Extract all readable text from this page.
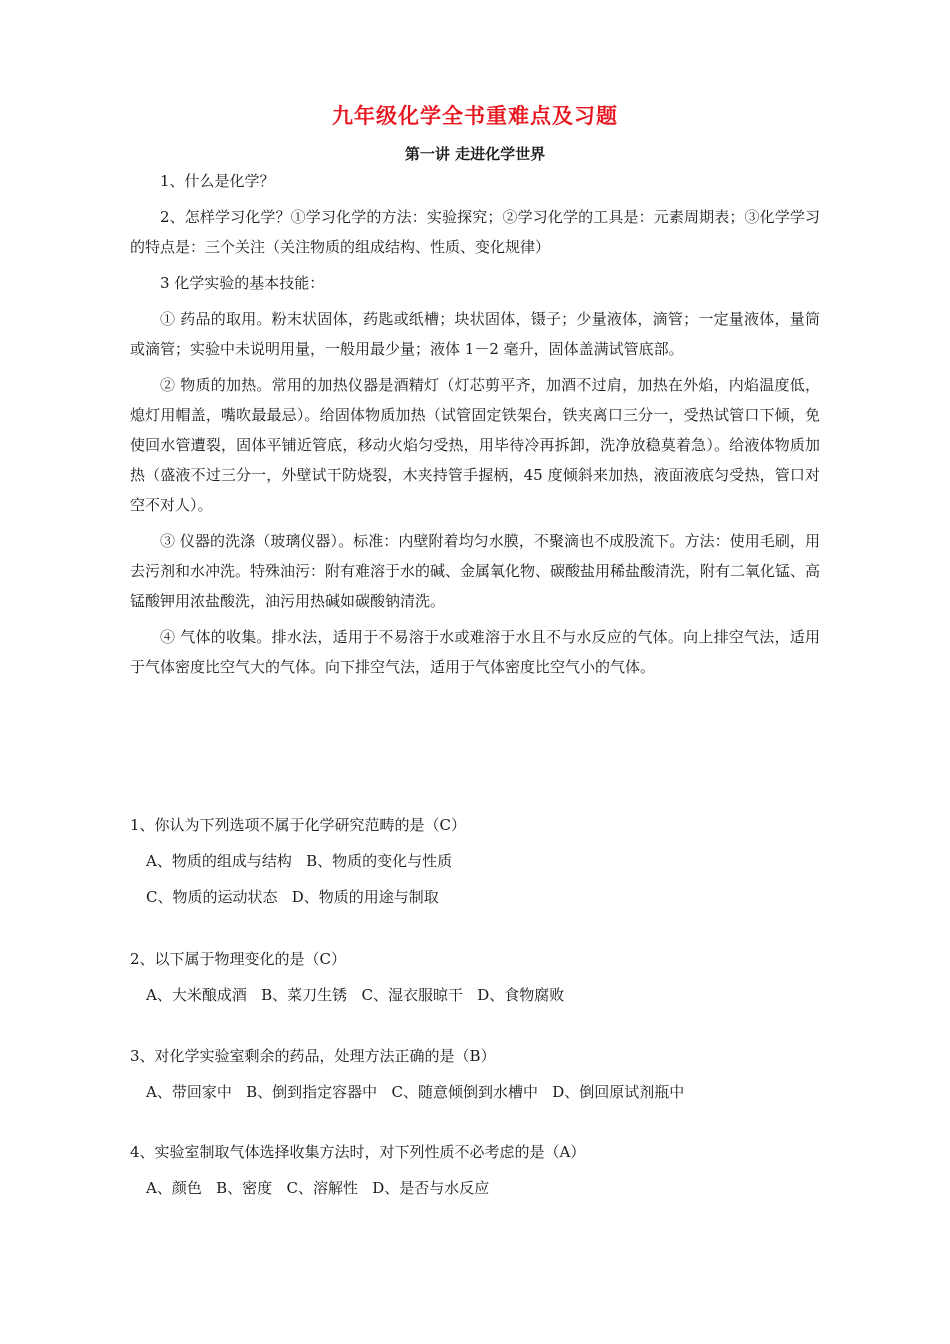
九年级化学全书重难点及习题
第一讲 走进化学世界

1、什么是化学？

2、怎样学习化学？①学习化学的方法：实验探究；②学习化学的工具是：元素周期表；③化学学习的特点是：三个关注（关注物质的组成结构、性质、变化规律）

3 化学实验的基本技能：

① 药品的取用。粉末状固体，药匙或纸槽；块状固体，镊子；少量液体，滴管；一定量液体，量筒或滴管；实验中未说明用量，一般用最少量；液体 1－2 毫升，固体盖满试管底部。

② 物质的加热。常用的加热仪器是酒精灯（灯芯剪平齐，加酒不过肩，加热在外焰，内焰温度低，熄灯用帽盖，嘴吹最最忌）。给固体物质加热（试管固定铁架台，铁夹离口三分一，受热试管口下倾，免使回水管遭裂，固体平铺近管底，移动火焰匀受热，用毕待冷再拆卸，洗净放稳莫着急）。给液体物质加热（盛液不过三分一，外壁试干防烧裂，木夹持管手握柄，45 度倾斜来加热，液面液底匀受热，管口对空不对人）。

③ 仪器的洗涤（玻璃仪器）。标准：内壁附着均匀水膜，不聚滴也不成股流下。方法：使用毛刷，用去污剂和水冲洗。特殊油污：附有难溶于水的碱、金属氧化物、碳酸盐用稀盐酸清洗，附有二氧化锰、高锰酸钾用浓盐酸洗，油污用热碱如碳酸钠清洗。

④ 气体的收集。排水法，适用于不易溶于水或难溶于水且不与水反应的气体。向上排空气法，适用于气体密度比空气大的气体。向下排空气法，适用于气体密度比空气小的气体。

1、你认为下列选项不属于化学研究范畴的是（C）

A、物质的组成与结构   B、物质的变化与性质

C、物质的运动状态   D、物质的用途与制取

2、以下属于物理变化的是（C）

A、大米酿成酒   B、菜刀生锈   C、湿衣服晾干   D、食物腐败

3、对化学实验室剩余的药品，处理方法正确的是（B）

A、带回家中   B、倒到指定容器中   C、随意倾倒到水槽中   D、倒回原试剂瓶中

4、实验室制取气体选择收集方法时，对下列性质不必考虑的是（A）

A、颜色   B、密度   C、溶解性   D、是否与水反应
